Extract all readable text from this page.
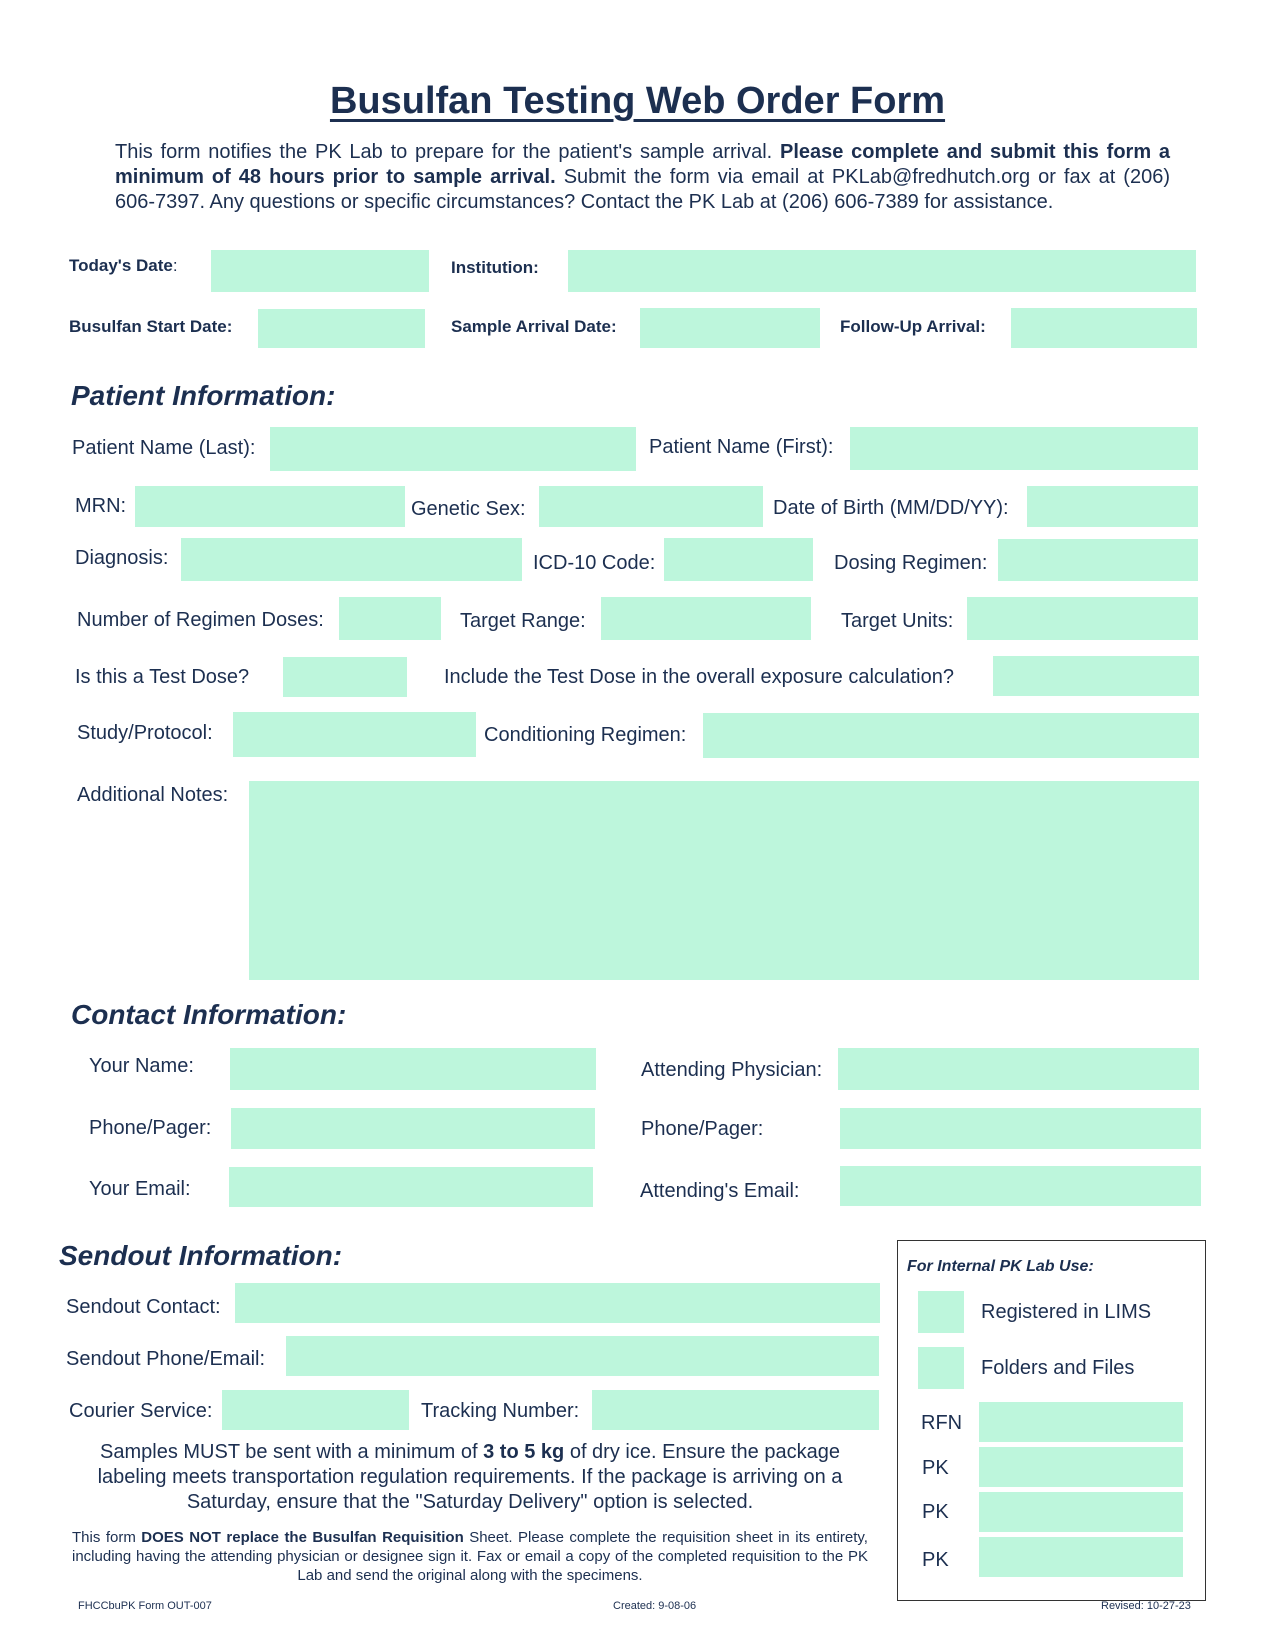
Busulfan Testing Web Order Form
This form notifies the PK Lab to prepare for the patient's sample arrival. Please complete and submit this form a minimum of 48 hours prior to sample arrival. Submit the form via email at PKLab@fredhutch.org or fax at (206) 606-7397. Any questions or specific circumstances? Contact the PK Lab at (206) 606-7389 for assistance.
Today's Date:	Institution:
Busulfan Start Date:	Sample Arrival Date:	Follow-Up Arrival:
Patient Information:
Patient Name (Last):	Patient Name (First):
MRN:	Genetic Sex:	Date of Birth (MM/DD/YY):
Diagnosis:	ICD-10 Code:	Dosing Regimen:
Number of Regimen Doses:	Target Range:	Target Units:
Is this a Test Dose?	Include the Test Dose in the overall exposure calculation?
Study/Protocol:	Conditioning Regimen:
Additional Notes:
Contact Information:
Your Name:	Attending Physician:
Phone/Pager:	Phone/Pager:
Your Email:	Attending's Email:
Sendout Information:
Sendout Contact:
Sendout Phone/Email:
Courier Service:	Tracking Number:
Samples MUST be sent with a minimum of 3 to 5 kg of dry ice. Ensure the package labeling meets transportation regulation requirements. If the package is arriving on a Saturday, ensure that the "Saturday Delivery" option is selected.
This form DOES NOT replace the Busulfan Requisition Sheet. Please complete the requisition sheet in its entirety, including having the attending physician or designee sign it. Fax or email a copy of the completed requisition to the PK Lab and send the original along with the specimens.
For Internal PK Lab Use:
Registered in LIMS
Folders and Files
RFN
PK
PK
PK
FHCCbuPK Form OUT-007	Created: 9-08-06	Revised: 10-27-23
